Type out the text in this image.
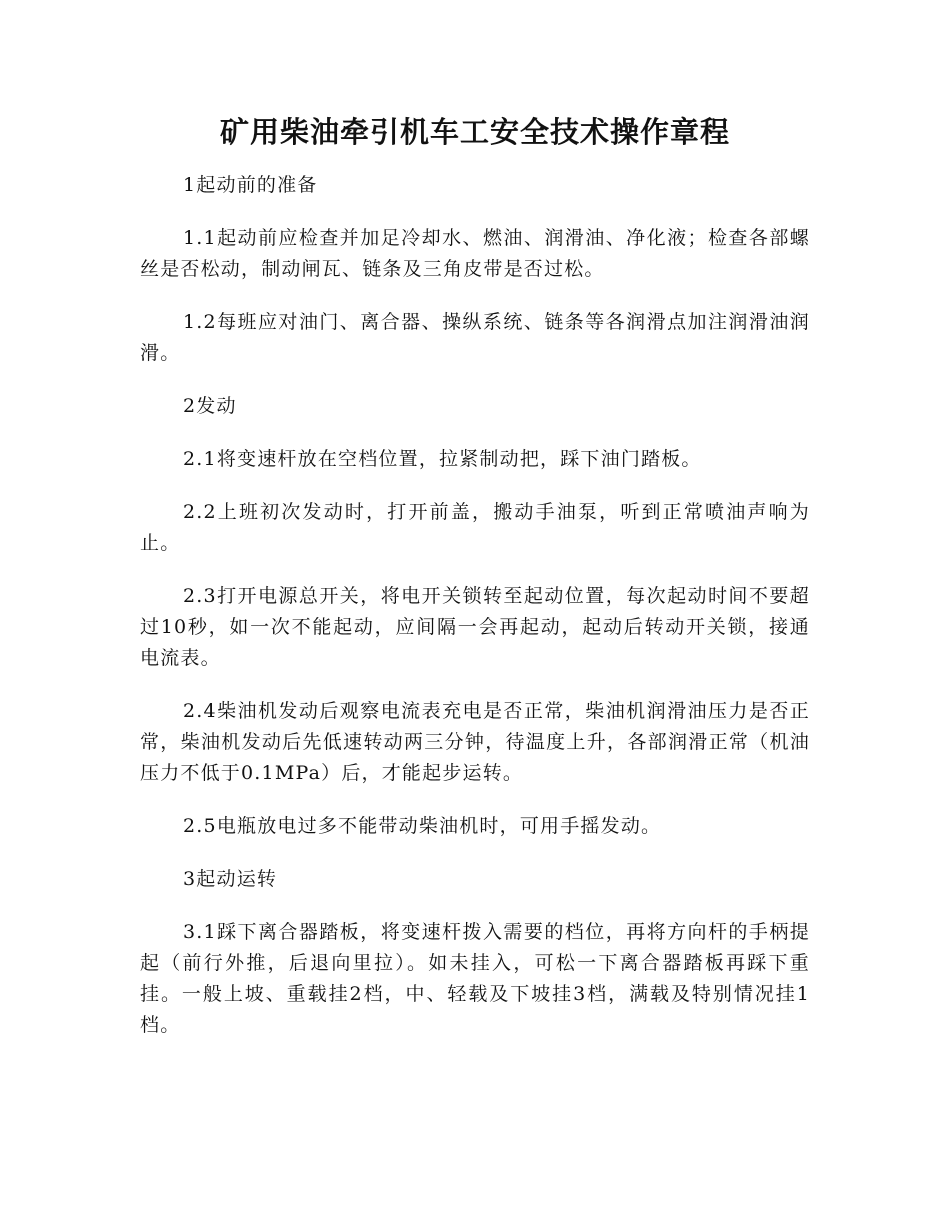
矿用柴油牵引机车工安全技术操作章程

1起动前的准备

1.1起动前应检查并加足冷却水、燃油、润滑油、净化液；检查各部螺丝是否松动，制动闸瓦、链条及三角皮带是否过松。

1.2每班应对油门、离合器、操纵系统、链条等各润滑点加注润滑油润滑。

2发动

2.1将变速杆放在空档位置，拉紧制动把，踩下油门踏板。

2.2上班初次发动时，打开前盖，搬动手油泵，听到正常喷油声响为止。

2.3打开电源总开关，将电开关锁转至起动位置，每次起动时间不要超过10秒，如一次不能起动，应间隔一会再起动，起动后转动开关锁，接通电流表。

2.4柴油机发动后观察电流表充电是否正常，柴油机润滑油压力是否正常，柴油机发动后先低速转动两三分钟，待温度上升，各部润滑正常（机油压力不低于0.1MPa）后，才能起步运转。

2.5电瓶放电过多不能带动柴油机时，可用手摇发动。

3起动运转

3.1踩下离合器踏板，将变速杆拨入需要的档位，再将方向杆的手柄提起（前行外推，后退向里拉）。如未挂入，可松一下离合器踏板再踩下重挂。一般上坡、重载挂2档，中、轻载及下坡挂3档，满载及特别情况挂1档。
